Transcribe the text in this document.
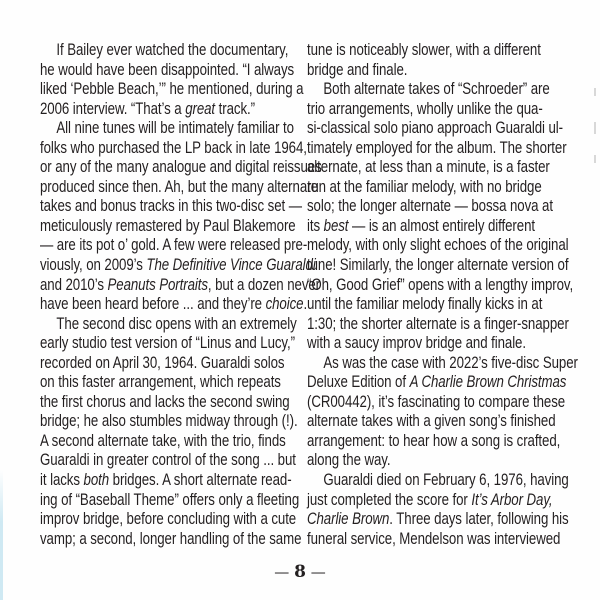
If Bailey ever watched the documentary,
he would have been disappointed. “I always
liked ‘Pebble Beach,’” he mentioned, during a
2006 interview. “That’s a great track.”
All nine tunes will be intimately familiar to
folks who purchased the LP back in late 1964,
or any of the many analogue and digital reissues
produced since then. Ah, but the many alternate
takes and bonus tracks in this two-disc set —
meticulously remastered by Paul Blakemore
— are its pot o’ gold. A few were released pre-
viously, on 2009’s The Definitive Vince Guaraldi
and 2010’s Peanuts Portraits, but a dozen never
have been heard before ... and they’re choice.
The second disc opens with an extremely
early studio test version of “Linus and Lucy,”
recorded on April 30, 1964. Guaraldi solos
on this faster arrangement, which repeats
the first chorus and lacks the second swing
bridge; he also stumbles midway through (!).
A second alternate take, with the trio, finds
Guaraldi in greater control of the song ... but
it lacks both bridges. A short alternate read-
ing of “Baseball Theme” offers only a fleeting
improv bridge, before concluding with a cute
vamp; a second, longer handling of the same
tune is noticeably slower, with a different
bridge and finale.
Both alternate takes of “Schroeder” are
trio arrangements, wholly unlike the qua-
si-classical solo piano approach Guaraldi ul-
timately employed for the album. The shorter
alternate, at less than a minute, is a faster
run at the familiar melody, with no bridge
solo; the longer alternate — bossa nova at
its best — is an almost entirely different
melody, with only slight echoes of the original
tune! Similarly, the longer alternate version of
“Oh, Good Grief” opens with a lengthy improv,
until the familiar melody finally kicks in at
1:30; the shorter alternate is a finger-snapper
with a saucy improv bridge and finale.
As was the case with 2022’s five-disc Super
Deluxe Edition of A Charlie Brown Christmas
(CR00442), it’s fascinating to compare these
alternate takes with a given song’s finished
arrangement: to hear how a song is crafted,
along the way.
Guaraldi died on February 6, 1976, having
just completed the score for It’s Arbor Day,
Charlie Brown. Three days later, following his
funeral service, Mendelson was interviewed
— 8 —
